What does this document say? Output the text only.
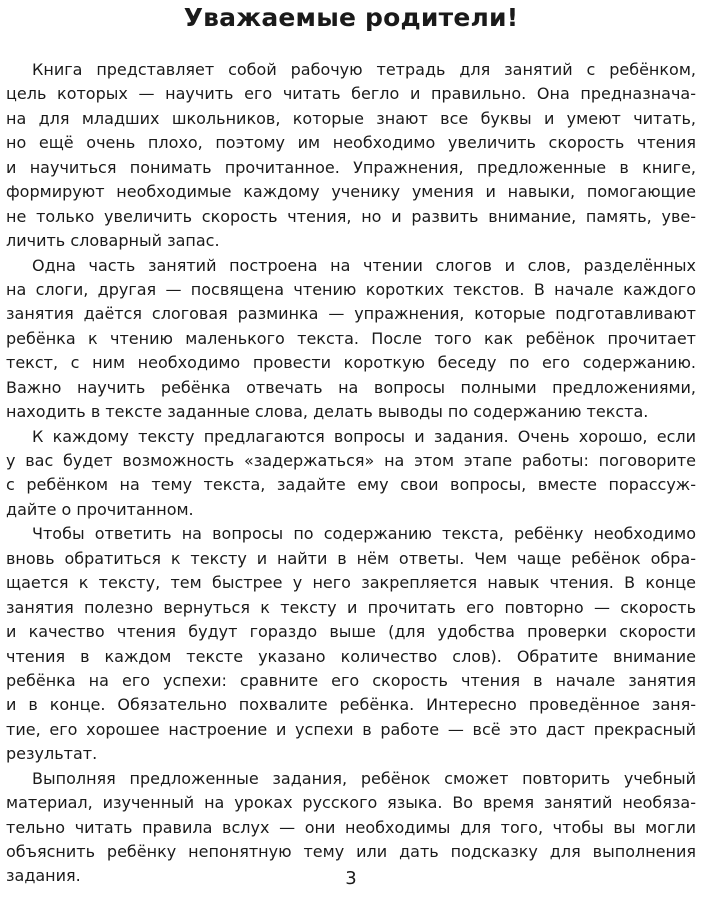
Уважаемые родители!
Книга представляет собой рабочую тетрадь для занятий с ребёнком,
цель которых — научить его читать бегло и правильно. Она предназнача-
на для младших школьников, которые знают все буквы и умеют читать,
но ещё очень плохо, поэтому им необходимо увеличить скорость чтения
и научиться понимать прочитанное. Упражнения, предложенные в книге,
формируют необходимые каждому ученику умения и навыки, помогающие
не только увеличить скорость чтения, но и развить внимание, память, уве-
личить словарный запас.
Одна часть занятий построена на чтении слогов и слов, разделённых
на слоги, другая — посвящена чтению коротких текстов. В начале каждого
занятия даётся слоговая разминка — упражнения, которые подготавливают
ребёнка к чтению маленького текста. После того как ребёнок прочитает
текст, с ним необходимо провести короткую беседу по его содержанию.
Важно научить ребёнка отвечать на вопросы полными предложениями,
находить в тексте заданные слова, делать выводы по содержанию текста.
К каждому тексту предлагаются вопросы и задания. Очень хорошо, если
у вас будет возможность «задержаться» на этом этапе работы: поговорите
с ребёнком на тему текста, задайте ему свои вопросы, вместе порассуж-
дайте о прочитанном.
Чтобы ответить на вопросы по содержанию текста, ребёнку необходимо
вновь обратиться к тексту и найти в нём ответы. Чем чаще ребёнок обра-
щается к тексту, тем быстрее у него закрепляется навык чтения. В конце
занятия полезно вернуться к тексту и прочитать его повторно — скорость
и качество чтения будут гораздо выше (для удобства проверки скорости
чтения в каждом тексте указано количество слов). Обратите внимание
ребёнка на его успехи: сравните его скорость чтения в начале занятия
и в конце. Обязательно похвалите ребёнка. Интересно проведённое заня-
тие, его хорошее настроение и успехи в работе — всё это даст прекрасный
результат.
Выполняя предложенные задания, ребёнок сможет повторить учебный
материал, изученный на уроках русского языка. Во время занятий необяза-
тельно читать правила вслух — они необходимы для того, чтобы вы могли
объяснить ребёнку непонятную тему или дать подсказку для выполнения
задания.	3
